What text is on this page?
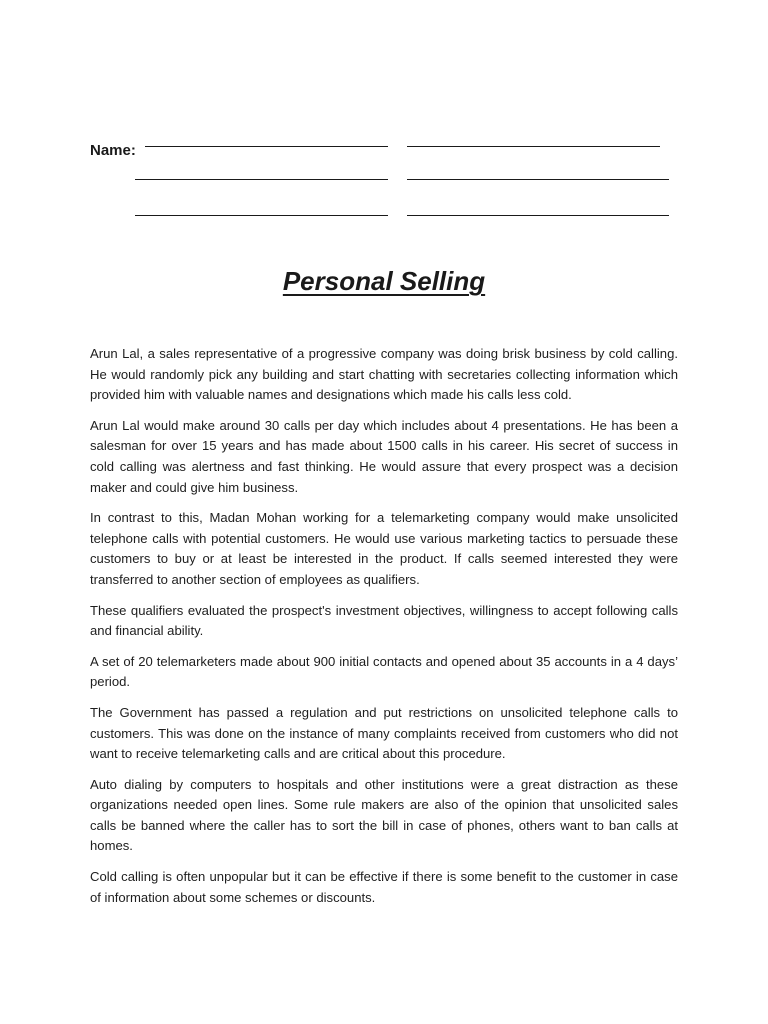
Name:
Personal Selling

Arun Lal, a sales representative of a progressive company was doing brisk business by cold calling. He would randomly pick any building and start chatting with secretaries collecting information which provided him with valuable names and designations which made his calls less cold.

Arun Lal would make around 30 calls per day which includes about 4 presentations. He has been a salesman for over 15 years and has made about 1500 calls in his career. His secret of success in cold calling was alertness and fast thinking. He would assure that every prospect was a decision maker and could give him business.

In contrast to this, Madan Mohan working for a telemarketing company would make unsolicited telephone calls with potential customers. He would use various marketing tactics to persuade these customers to buy or at least be interested in the product. If calls seemed interested they were transferred to another section of employees as qualifiers.

These qualifiers evaluated the prospect's investment objectives, willingness to accept following calls and financial ability.

A set of 20 telemarketers made about 900 initial contacts and opened about 35 accounts in a 4 days’ period.

The Government has passed a regulation and put restrictions on unsolicited telephone calls to customers. This was done on the instance of many complaints received from customers who did not want to receive telemarketing calls and are critical about this procedure.

Auto dialing by computers to hospitals and other institutions were a great distraction as these organizations needed open lines. Some rule makers are also of the opinion that unsolicited sales calls be banned where the caller has to sort the bill in case of phones, others want to ban calls at homes.

Cold calling is often unpopular but it can be effective if there is some benefit to the customer in case of information about some schemes or discounts.
